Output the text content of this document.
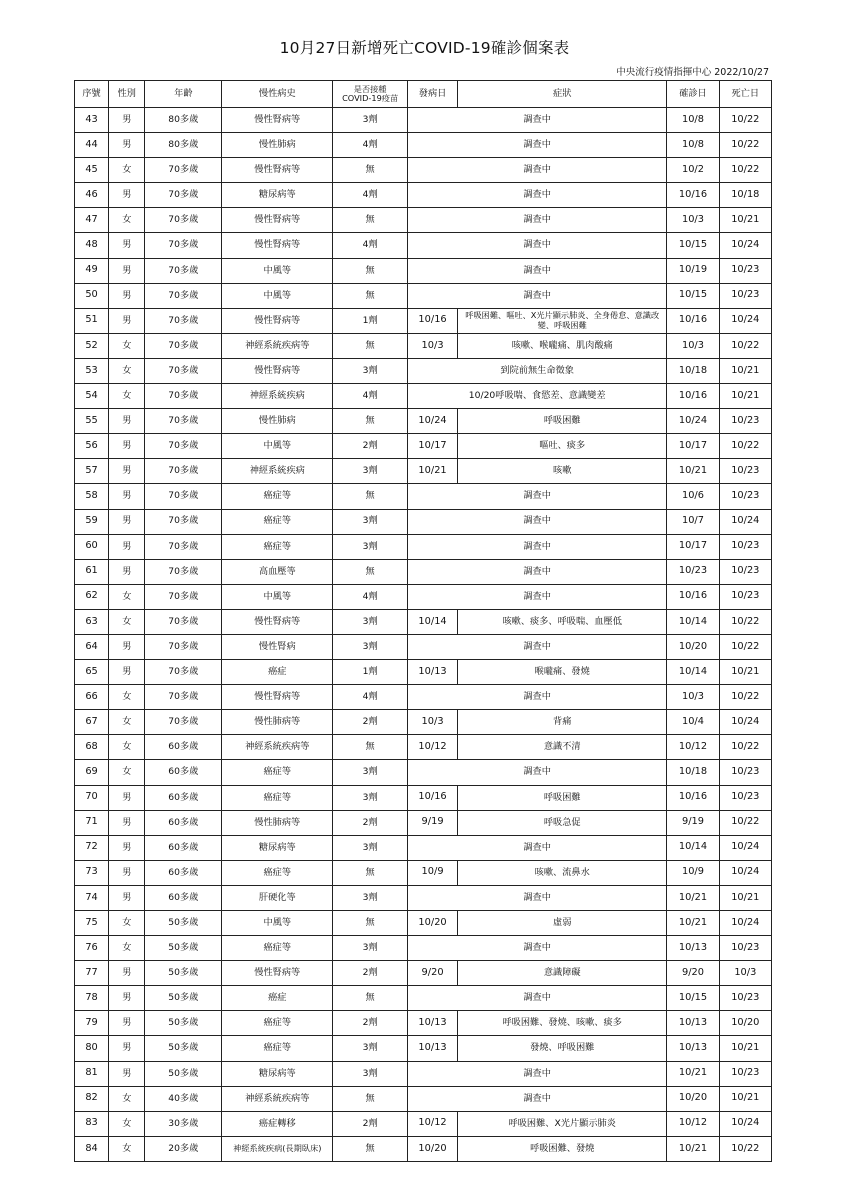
10月27日新增死亡COVID-19確診個案表
中央流行疫情指揮中心 2022/10/27
序號	性別	年齡	慢性病史	是否接種
COVID-19疫苗	發病日	症狀	確診日	死亡日
43	男	80多歲	慢性腎病等	3劑	調查中		10/8	10/22
44	男	80多歲	慢性肺病	4劑	調查中		10/8	10/22
45	女	70多歲	慢性腎病等	無	調查中		10/2	10/22
46	男	70多歲	糖尿病等	4劑	調查中		10/16	10/18
47	女	70多歲	慢性腎病等	無	調查中		10/3	10/21
48	男	70多歲	慢性腎病等	4劑	調查中		10/15	10/24
49	男	70多歲	中風等	無	調查中		10/19	10/23
50	男	70多歲	中風等	無	調查中		10/15	10/23
51	男	70多歲	慢性腎病等	1劑	10/16	呼吸困難、嘔吐、X光片顯示肺炎、全身倦怠、意識改變、呼吸困難	10/16	10/24
52	女	70多歲	神經系統疾病等	無	10/3	咳嗽、喉嚨痛、肌肉酸痛	10/3	10/22
53	女	70多歲	慢性腎病等	3劑	到院前無生命徵象		10/18	10/21
54	女	70多歲	神經系統疾病	4劑	10/20呼吸喘、食慾差、意識變差		10/16	10/21
55	男	70多歲	慢性肺病	無	10/24	呼吸困難	10/24	10/23
56	男	70多歲	中風等	2劑	10/17	嘔吐、痰多	10/17	10/22
57	男	70多歲	神經系統疾病	3劑	10/21	咳嗽	10/21	10/23
58	男	70多歲	癌症等	無	調查中		10/6	10/23
59	男	70多歲	癌症等	3劑	調查中		10/7	10/24
60	男	70多歲	癌症等	3劑	調查中		10/17	10/23
61	男	70多歲	高血壓等	無	調查中		10/23	10/23
62	女	70多歲	中風等	4劑	調查中		10/16	10/23
63	女	70多歲	慢性腎病等	3劑	10/14	咳嗽、痰多、呼吸喘、血壓低	10/14	10/22
64	男	70多歲	慢性腎病	3劑	調查中		10/20	10/22
65	男	70多歲	癌症	1劑	10/13	喉嚨痛、發燒	10/14	10/21
66	女	70多歲	慢性腎病等	4劑	調查中		10/3	10/22
67	女	70多歲	慢性肺病等	2劑	10/3	背痛	10/4	10/24
68	女	60多歲	神經系統疾病等	無	10/12	意識不清	10/12	10/22
69	女	60多歲	癌症等	3劑	調查中		10/18	10/23
70	男	60多歲	癌症等	3劑	10/16	呼吸困難	10/16	10/23
71	男	60多歲	慢性肺病等	2劑	9/19	呼吸急促	9/19	10/22
72	男	60多歲	糖尿病等	3劑	調查中		10/14	10/24
73	男	60多歲	癌症等	無	10/9	咳嗽、流鼻水	10/9	10/24
74	男	60多歲	肝硬化等	3劑	調查中		10/21	10/21
75	女	50多歲	中風等	無	10/20	虛弱	10/21	10/24
76	女	50多歲	癌症等	3劑	調查中		10/13	10/23
77	男	50多歲	慢性腎病等	2劑	9/20	意識障礙	9/20	10/3
78	男	50多歲	癌症	無	調查中		10/15	10/23
79	男	50多歲	癌症等	2劑	10/13	呼吸困難、發燒、咳嗽、痰多	10/13	10/20
80	男	50多歲	癌症等	3劑	10/13	發燒、呼吸困難	10/13	10/21
81	男	50多歲	糖尿病等	3劑	調查中		10/21	10/23
82	女	40多歲	神經系統疾病等	無	調查中		10/20	10/21
83	女	30多歲	癌症轉移	2劑	10/12	呼吸困難、X光片顯示肺炎	10/12	10/24
84	女	20多歲	神經系統疾病(長期臥床)	無	10/20	呼吸困難、發燒	10/21	10/22
